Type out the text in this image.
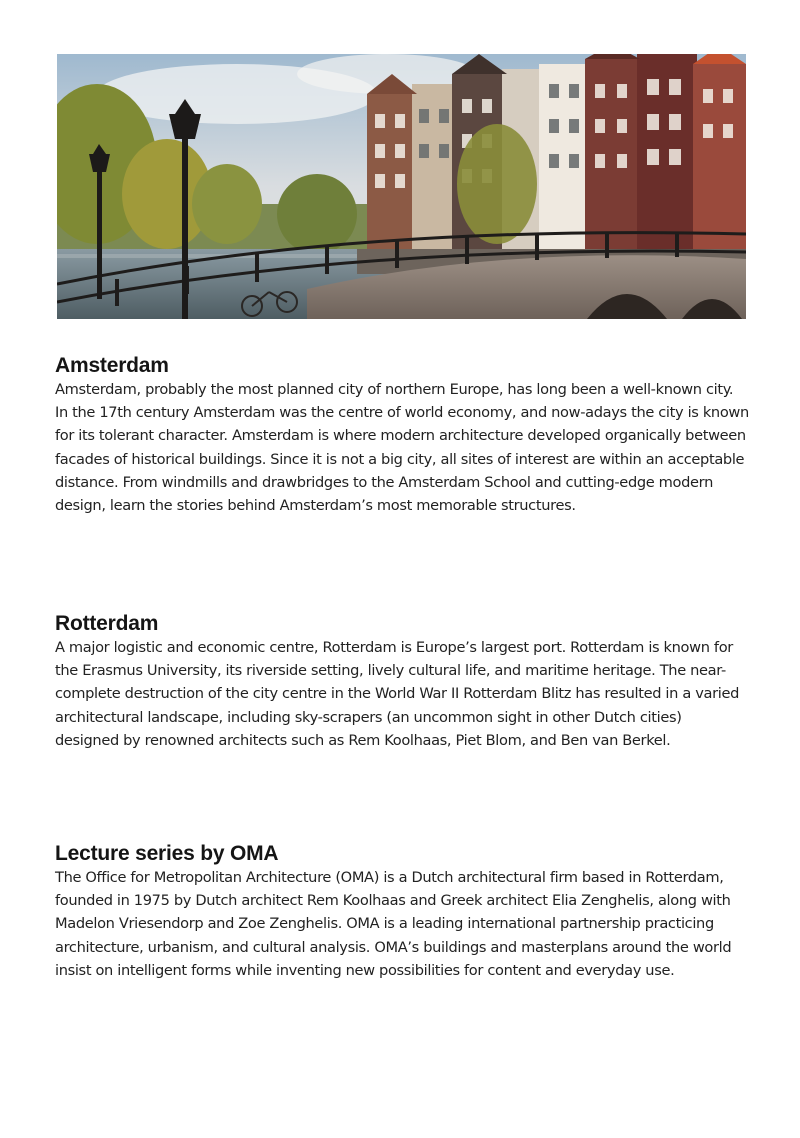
Amsterdam

Amsterdam, probably the most planned city of northern Europe, has long been a well-known city. In the 17th century Amsterdam was the centre of world economy, and now-adays the city is known for its tolerant character. Amsterdam is where modern architecture developed organically between facades of historical buildings. Since it is not a big city, all sites of interest are within an acceptable distance. From windmills and drawbridges to the Amsterdam School and cutting-edge modern design, learn the stories behind Amsterdam’s most memorable structures.

Rotterdam

A major logistic and economic centre, Rotterdam is Europe’s largest port. Rotterdam is known for the Erasmus University, its riverside setting, lively cultural life, and maritime heritage. The near-complete destruction of the city centre in the World War II Rotterdam Blitz has resulted in a varied architectural landscape, including sky-scrapers (an uncommon sight in other Dutch cities) designed by renowned architects such as Rem Koolhaas, Piet Blom, and Ben van Berkel.

Lecture series by OMA

The Office for Metropolitan Architecture (OMA) is a Dutch architectural firm based in Rotterdam, founded in 1975 by Dutch architect Rem Koolhaas and Greek architect Elia Zenghelis, along with Madelon Vriesendorp and Zoe Zenghelis. OMA is a leading international partnership practicing architecture, urbanism, and cultural analysis. OMA’s buildings and masterplans around the world insist on intelligent forms while inventing new possibilities for content and everyday use.
